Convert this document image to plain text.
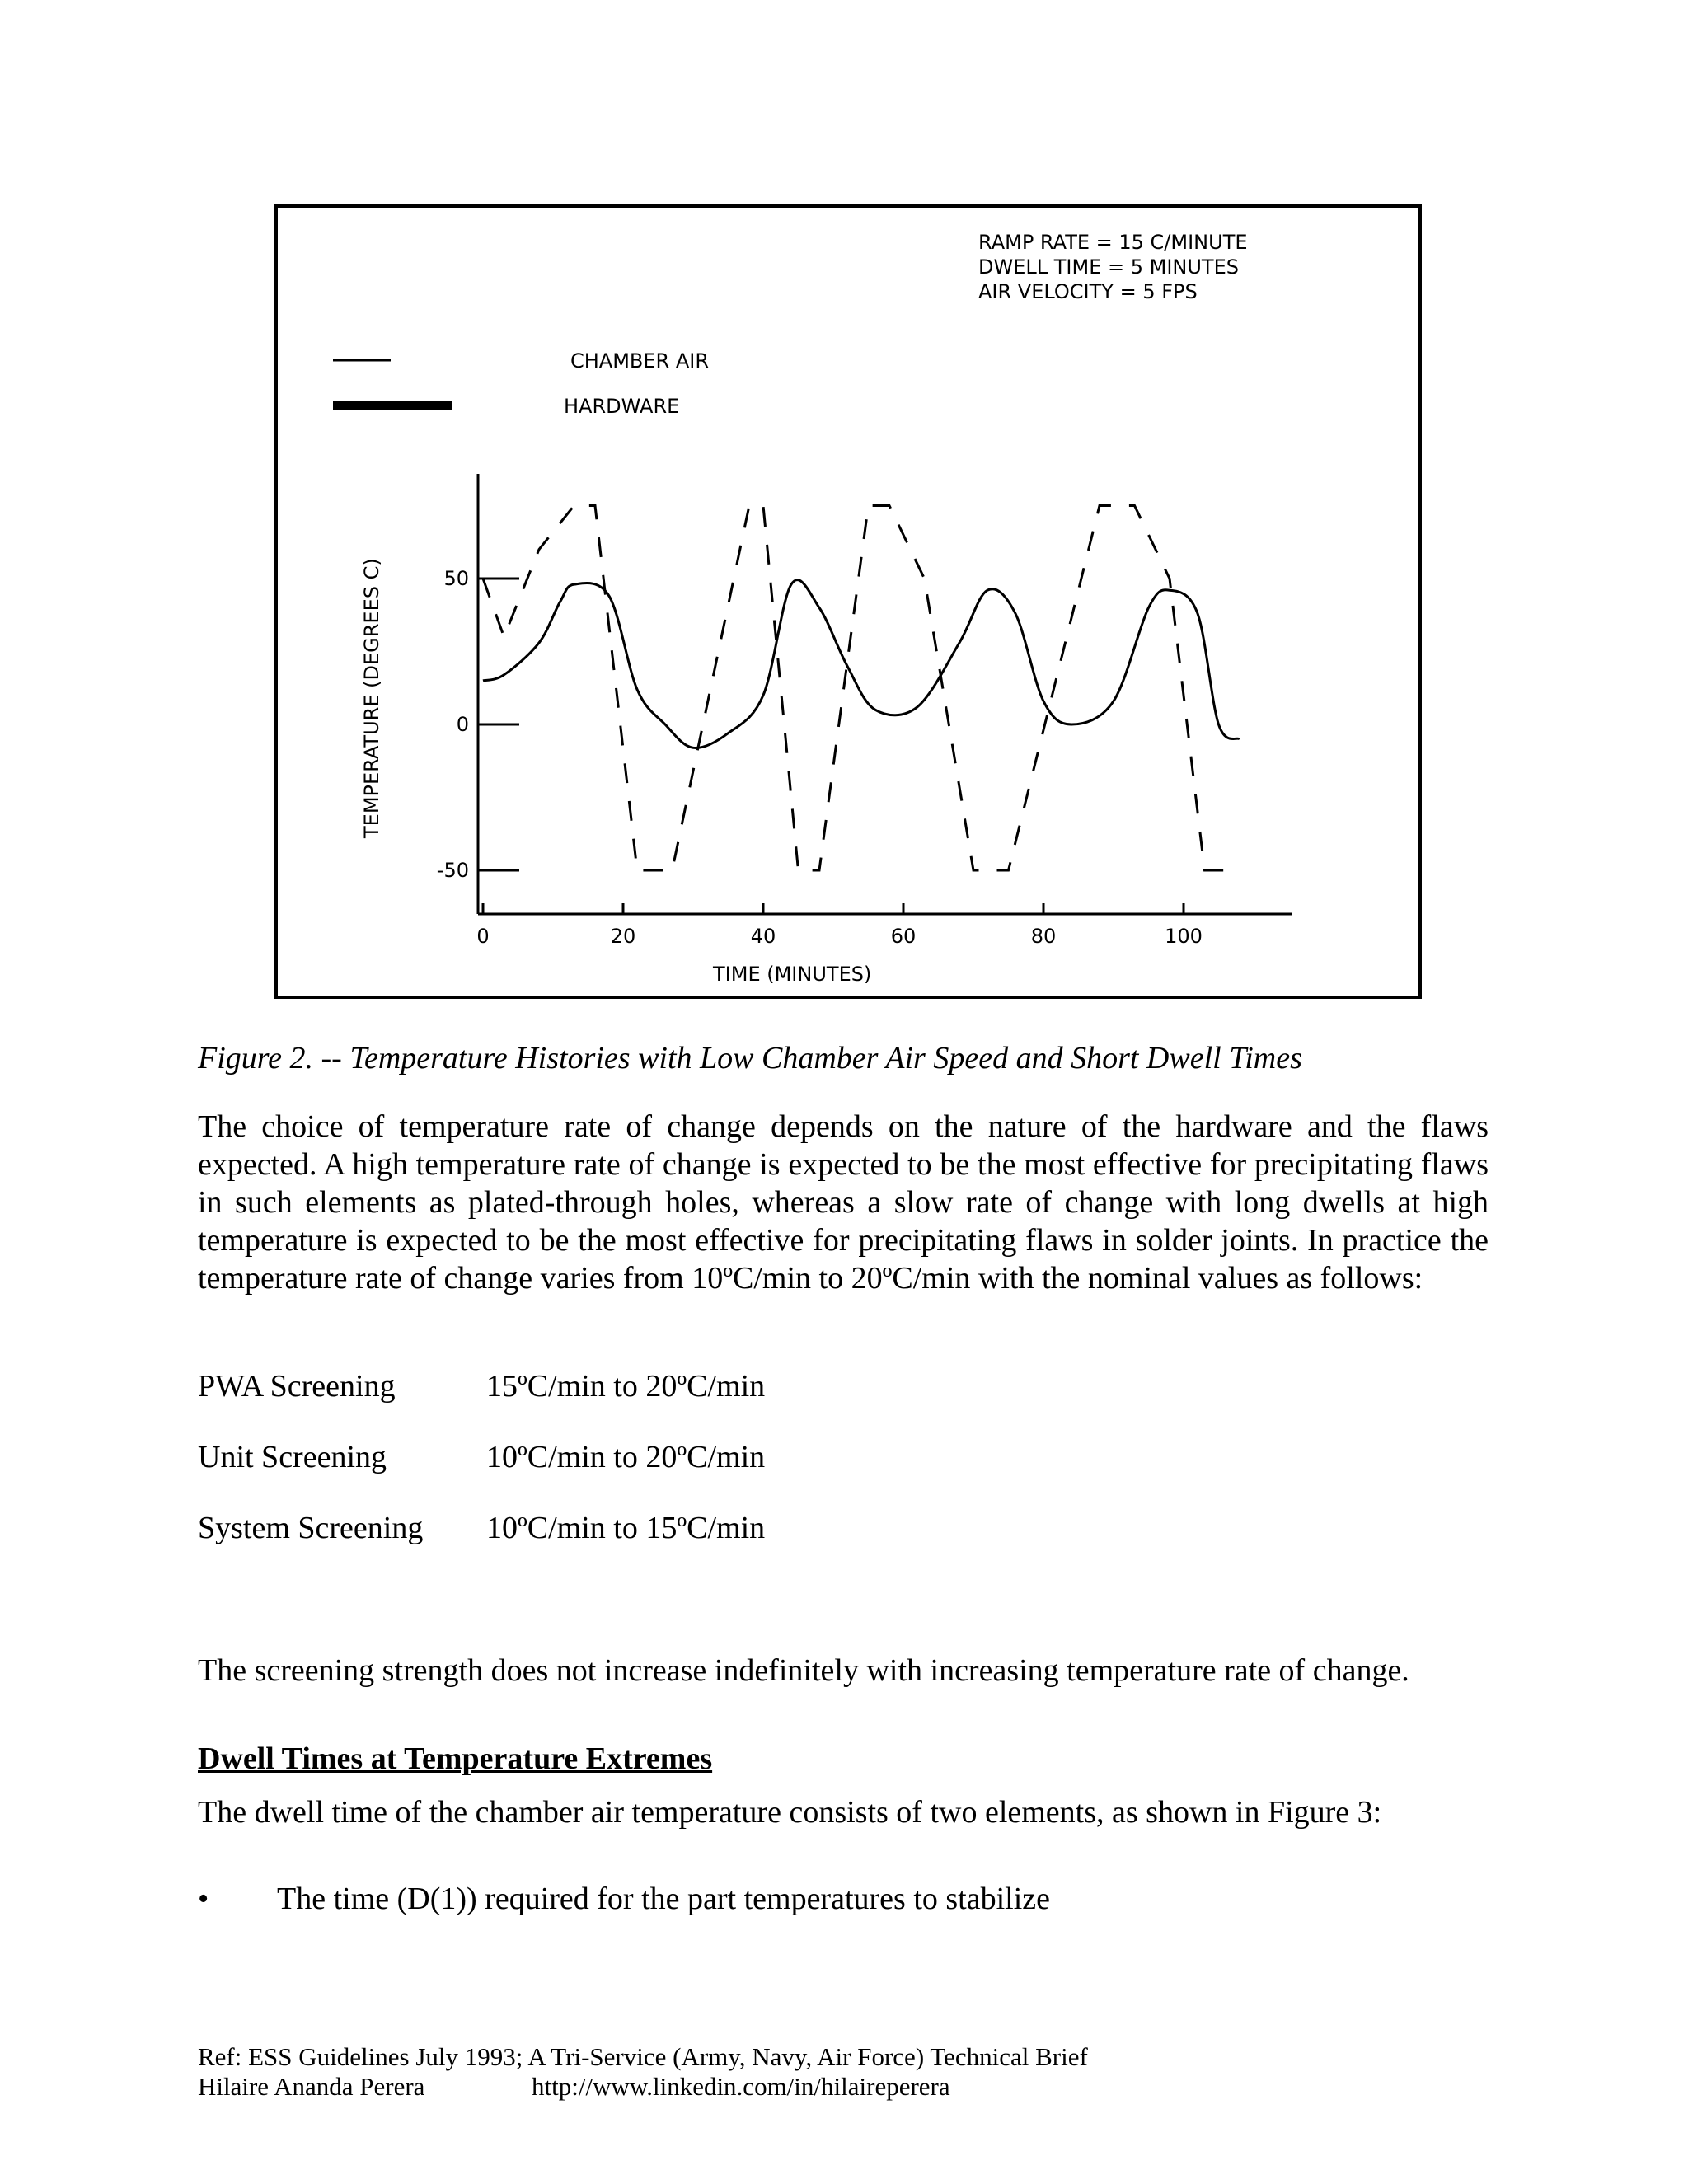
RAMP RATE = 15 C/MINUTE
DWELL TIME = 5 MINUTES
AIR VELOCITY = 5 FPS
CHAMBER AIR
HARDWARE
TEMPERATURE (DEGREES C)
TIME (MINUTES)
50
0
-50
0	20	40	60	80	100
Figure 2. -- Temperature Histories with Low Chamber Air Speed and Short Dwell Times

The choice of temperature rate of change depends on the nature of the hardware and the flaws expected. A high temperature rate of change is expected to be the most effective for precipitating flaws in such elements as plated-through holes, whereas a slow rate of change with long dwells at high temperature is expected to be the most effective for precipitating flaws in solder joints. In practice the temperature rate of change varies from 10ºC/min to 20ºC/min with the nominal values as follows:

PWA Screening	15ºC/min to 20ºC/min
Unit Screening	10ºC/min to 20ºC/min
System Screening 10ºC/min to 15ºC/min

The screening strength does not increase indefinitely with increasing temperature rate of change.

Dwell Times at Temperature Extremes

The dwell time of the chamber air temperature consists of two elements, as shown in Figure 3:

• The time (D(1)) required for the part temperatures to stabilize
Ref: ESS Guidelines July 1993; A Tri-Service (Army, Navy, Air Force) Technical Brief
Hilaire Ananda Perera	http://www.linkedin.com/in/hilaireperera
